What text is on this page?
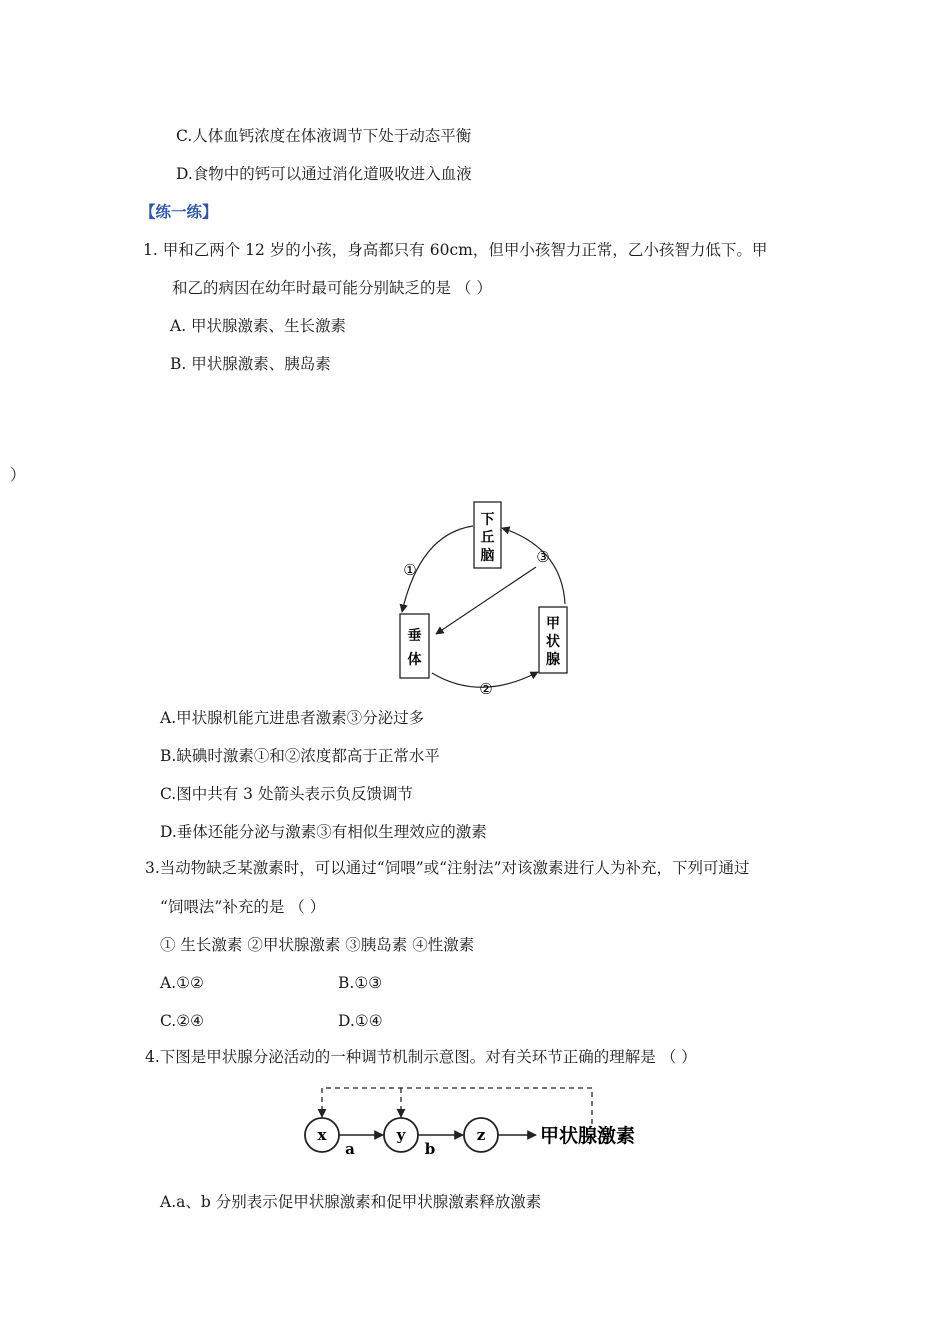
C.人体血钙浓度在体液调节下处于动态平衡
D.食物中的钙可以通过消化道吸收进入血液
【练一练】
1. 甲和乙两个 12 岁的小孩，身高都只有 60cm，但甲小孩智力正常，乙小孩智力低下。甲
和乙的病因在幼年时最可能分别缺乏的是 （ ）
A. 甲状腺激素、生长激素
B. 甲状腺激素、胰岛素
）
下
丘
脑
垂
体
甲
状
腺
①
②
③
A.甲状腺机能亢进患者激素③分泌过多
B.缺碘时激素①和②浓度都高于正常水平
C.图中共有 3 处箭头表示负反馈调节
D.垂体还能分泌与激素③有相似生理效应的激素
3.当动物缺乏某激素时，可以通过“饲喂”或“注射法”对该激素进行人为补充，下列可通过
“饲喂法”补充的是 （ ）
① 生长激素 ②甲状腺激素 ③胰岛素 ④性激素
A.①②	B.①③
C.②④	D.①④
4.下图是甲状腺分泌活动的一种调节机制示意图。对有关环节正确的理解是 （ ）
x	y	z
a	b
甲状腺激素
A.a、b 分别表示促甲状腺激素和促甲状腺激素释放激素
